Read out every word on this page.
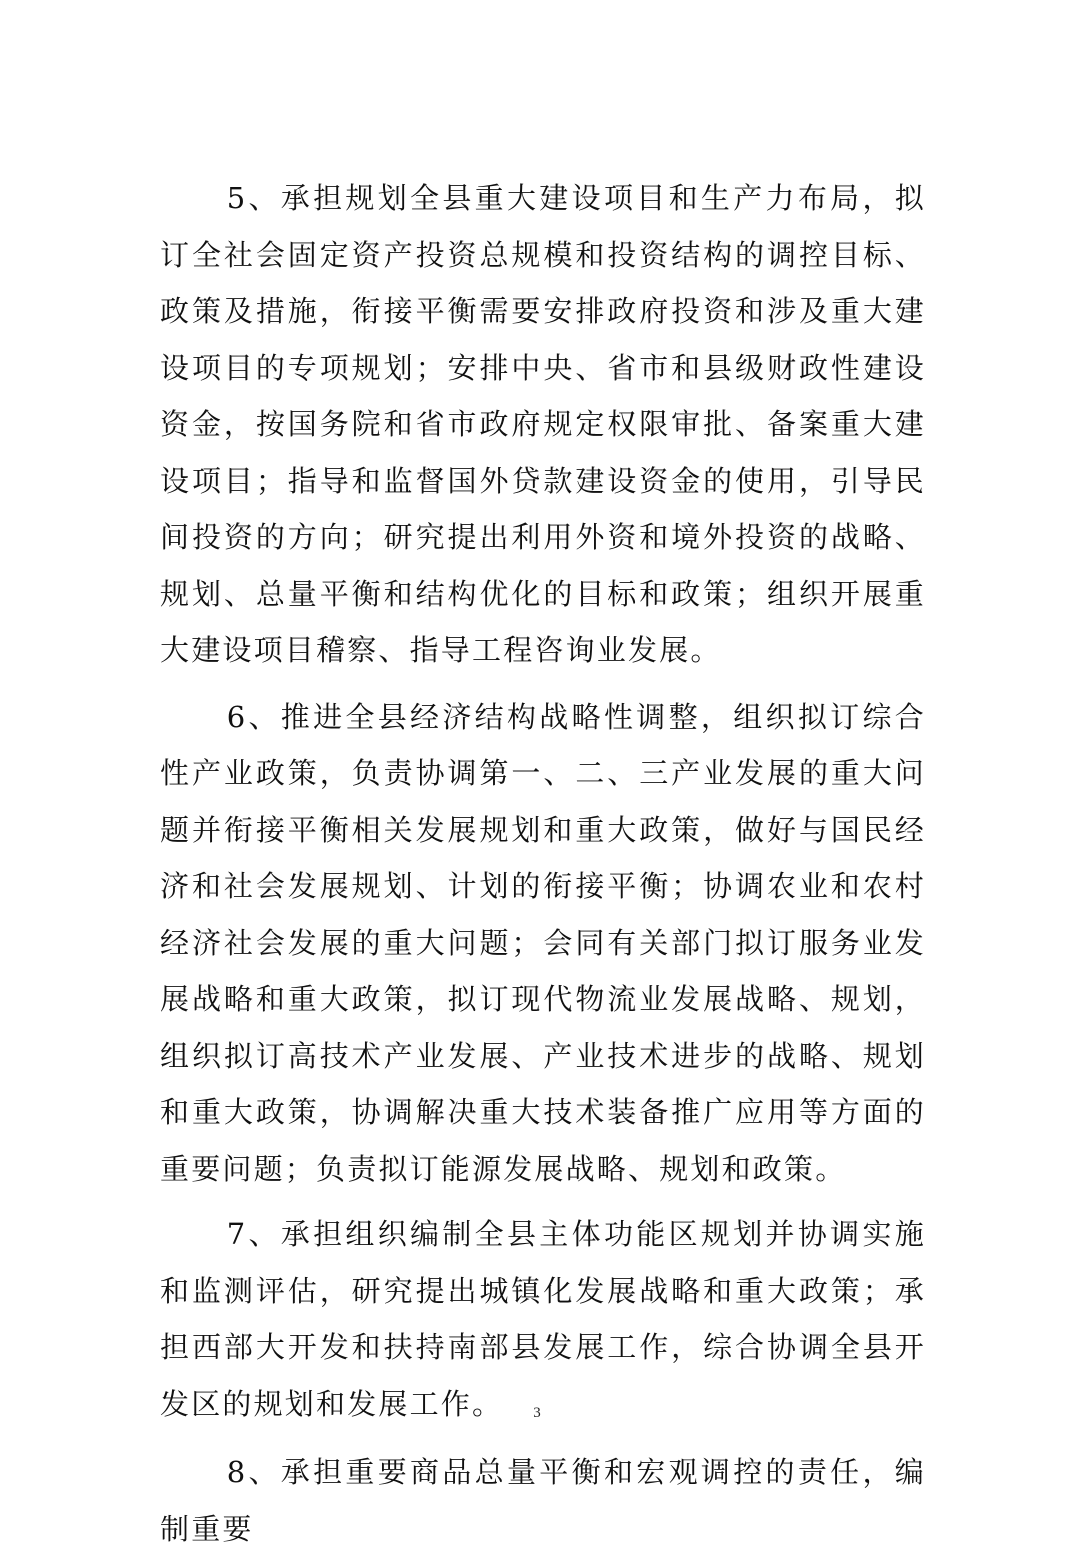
5、承担规划全县重大建设项目和生产力布局，拟订全社会固定资产投资总规模和投资结构的调控目标、政策及措施，衔接平衡需要安排政府投资和涉及重大建设项目的专项规划；安排中央、省市和县级财政性建设资金，按国务院和省市政府规定权限审批、备案重大建设项目；指导和监督国外贷款建设资金的使用，引导民间投资的方向；研究提出利用外资和境外投资的战略、规划、总量平衡和结构优化的目标和政策；组织开展重大建设项目稽察、指导工程咨询业发展。

6、推进全县经济结构战略性调整，组织拟订综合性产业政策，负责协调第一、二、三产业发展的重大问题并衔接平衡相关发展规划和重大政策，做好与国民经济和社会发展规划、计划的衔接平衡；协调农业和农村经济社会发展的重大问题；会同有关部门拟订服务业发展战略和重大政策，拟订现代物流业发展战略、规划，组织拟订高技术产业发展、产业技术进步的战略、规划和重大政策，协调解决重大技术装备推广应用等方面的重要问题；负责拟订能源发展战略、规划和政策。

7、承担组织编制全县主体功能区规划并协调实施和监测评估，研究提出城镇化发展战略和重大政策；承担西部大开发和扶持南部县发展工作，综合协调全县开发区的规划和发展工作。

8、承担重要商品总量平衡和宏观调控的责任，编制重要

3
